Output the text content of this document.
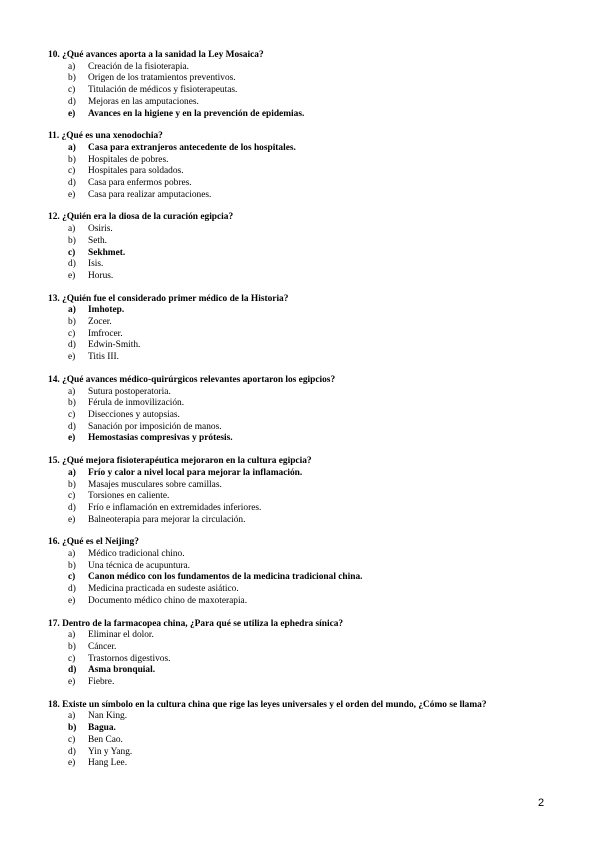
10. ¿Qué avances aporta a la sanidad la Ley Mosaica?
a)	Creación de la fisioterapia.
b)	Origen de los tratamientos preventivos.
c)	Titulación de médicos y fisioterapeutas.
d)	Mejoras en las amputaciones.
e)	Avances en la higiene y en la prevención de epidemias.
11. ¿Qué es una xenodochia?
a)	Casa para extranjeros antecedente de los hospitales.
b)	Hospitales de pobres.
c)	Hospitales para soldados.
d)	Casa para enfermos pobres.
e)	Casa para realizar amputaciones.
12. ¿Quién era la diosa de la curación egipcia?
a)	Osiris.
b)	Seth.
c)	Sekhmet.
d)	Isis.
e)	Horus.
13. ¿Quién fue el considerado primer médico de la Historia?
a)	Imhotep.
b)	Zocer.
c)	Imfrocer.
d)	Edwin-Smith.
e)	Titis III.
14. ¿Qué avances médico-quirúrgicos relevantes aportaron los egipcios?
a)	Sutura postoperatoria.
b)	Férula de inmovilización.
c)	Disecciones y autopsias.
d)	Sanación por imposición de manos.
e)	Hemostasias compresivas y prótesis.
15. ¿Qué mejora fisioterapéutica mejoraron en la cultura egipcia?
a)	Frío y calor a nivel local para mejorar la inflamación.
b)	Masajes musculares sobre camillas.
c)	Torsiones en caliente.
d)	Frío e inflamación en extremidades inferiores.
e)	Balneoterapia para mejorar la circulación.
16. ¿Qué es el Neijing?
a)	Médico tradicional chino.
b)	Una técnica de acupuntura.
c)	Canon médico con los fundamentos de la medicina tradicional china.
d)	Medicina practicada en sudeste asiático.
e)	Documento médico chino de maxoterapia.
17. Dentro de la farmacopea china, ¿Para qué se utiliza la ephedra sínica?
a)	Eliminar el dolor.
b)	Cáncer.
c)	Trastornos digestivos.
d)	Asma bronquial.
e)	Fiebre.
18. Existe un símbolo en la cultura china que rige las leyes universales y el orden del mundo, ¿Cómo se llama?
a)	Nan King.
b)	Bagua.
c)	Ben Cao.
d)	Yin y Yang.
e)	Hang Lee.
2
